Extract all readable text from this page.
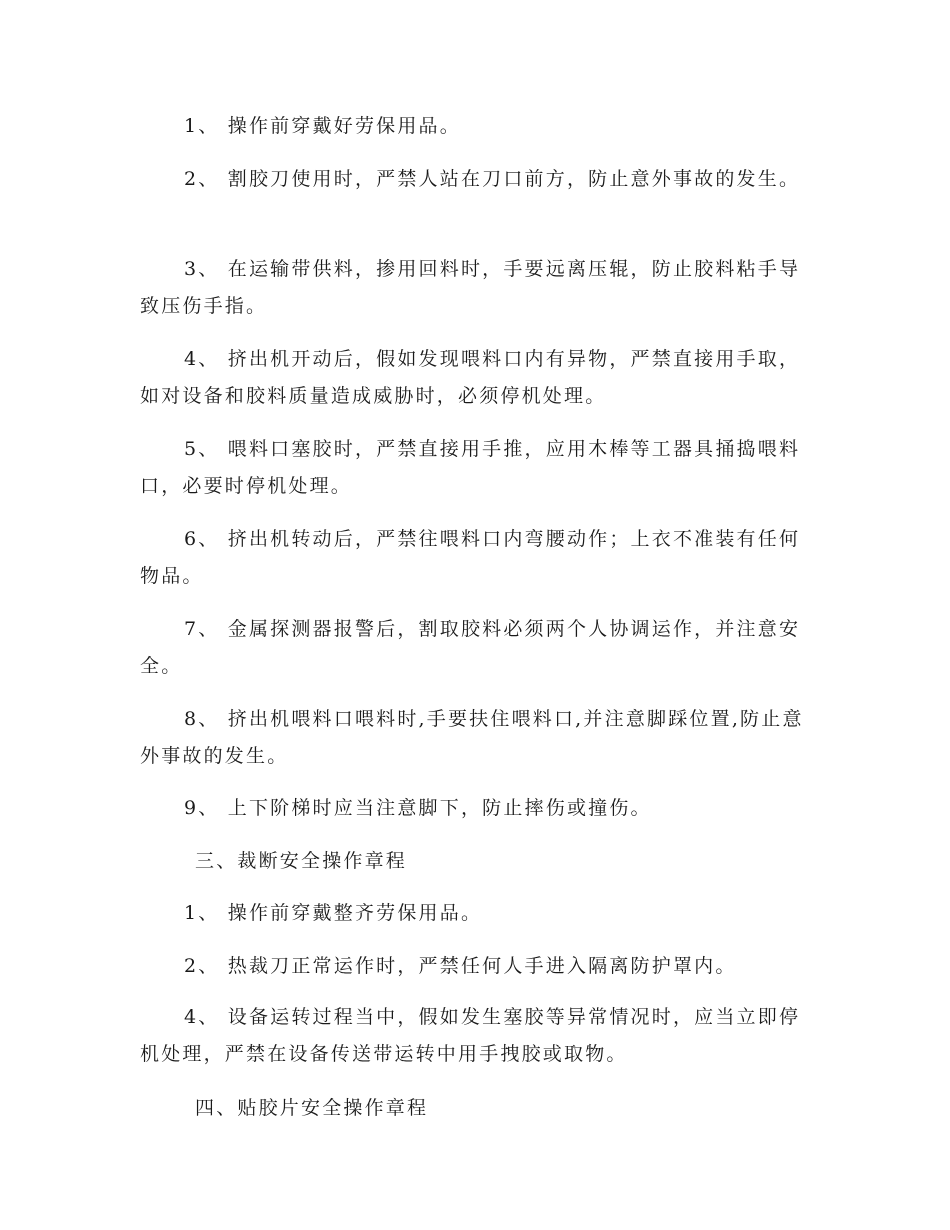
1、 操作前穿戴好劳保用品。

2、 割胶刀使用时，严禁人站在刀口前方，防止意外事故的发生。

3、 在运输带供料，掺用回料时，手要远离压辊，防止胶料粘手导致压伤手指。

4、 挤出机开动后，假如发现喂料口内有异物，严禁直接用手取，如对设备和胶料质量造成威胁时，必须停机处理。

5、 喂料口塞胶时，严禁直接用手推，应用木棒等工器具捅捣喂料口，必要时停机处理。

6、 挤出机转动后，严禁往喂料口内弯腰动作；上衣不准装有任何物品。

7、 金属探测器报警后，割取胶料必须两个人协调运作，并注意安全。

8、 挤出机喂料口喂料时,手要扶住喂料口,并注意脚踩位置,防止意外事故的发生。

9、 上下阶梯时应当注意脚下，防止摔伤或撞伤。

三、裁断安全操作章程

1、 操作前穿戴整齐劳保用品。

2、 热裁刀正常运作时，严禁任何人手进入隔离防护罩内。

4、 设备运转过程当中，假如发生塞胶等异常情况时，应当立即停机处理，严禁在设备传送带运转中用手拽胶或取物。

四、贴胶片安全操作章程
